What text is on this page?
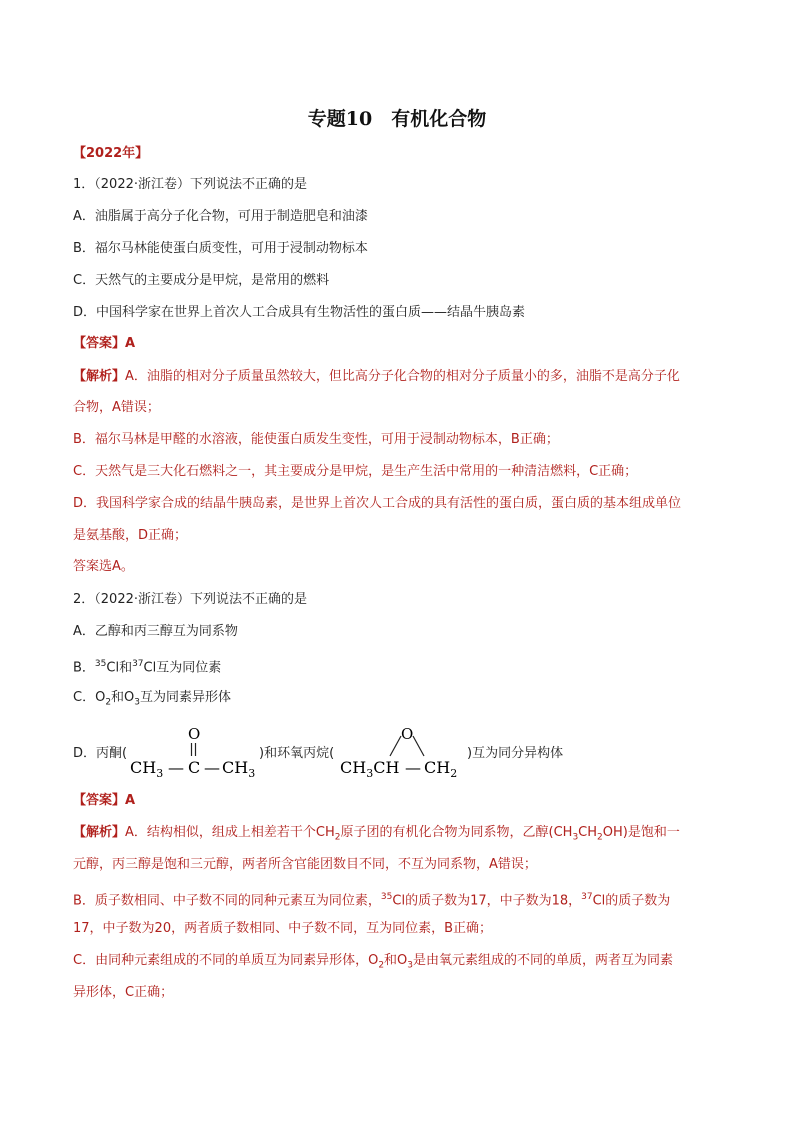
专题10　有机化合物
【2022年】
1．（2022·浙江卷）下列说法不正确的是
A．油脂属于高分子化合物，可用于制造肥皂和油漆
B．福尔马林能使蛋白质变性，可用于浸制动物标本
C．天然气的主要成分是甲烷，是常用的燃料
D．中国科学家在世界上首次人工合成具有生物活性的蛋白质——结晶牛胰岛素
【答案】A
【解析】A．油脂的相对分子质量虽然较大，但比高分子化合物的相对分子质量小的多，油脂不是高分子化
合物，A错误；
B．福尔马林是甲醛的水溶液，能使蛋白质发生变性，可用于浸制动物标本，B正确；
C．天然气是三大化石燃料之一，其主要成分是甲烷，是生产生活中常用的一种清洁燃料，C正确；
D．我国科学家合成的结晶牛胰岛素，是世界上首次人工合成的具有活性的蛋白质，蛋白质的基本组成单位
是氨基酸，D正确；
答案选A。
2．（2022·浙江卷）下列说法不正确的是
A．乙醇和丙三醇互为同系物
B．$^{35}$Cl和$^{37}$Cl互为同位素
C．$O_2$和$O_3$互为同素异形体
D．丙酮(
O
$CH_3$ — C — $CH_3$
)和环氧丙烷(
O
$CH_3CH$ — $CH_2$
)互为同分异构体
【答案】A
【解析】A．结构相似，组成上相差若干个$CH_2$原子团的有机化合物为同系物，乙醇$(CH_3CH_2OH)$是饱和一
元醇，丙三醇是饱和三元醇，两者所含官能团数目不同，不互为同系物，A错误；
B．质子数相同、中子数不同的同种元素互为同位素，$^{35}$Cl的质子数为17，中子数为18，$^{37}$Cl的质子数为
17，中子数为20，两者质子数相同、中子数不同，互为同位素，B正确；
C．由同种元素组成的不同的单质互为同素异形体，$O_2$和$O_3$是由氧元素组成的不同的单质，两者互为同素
异形体，C正确；
